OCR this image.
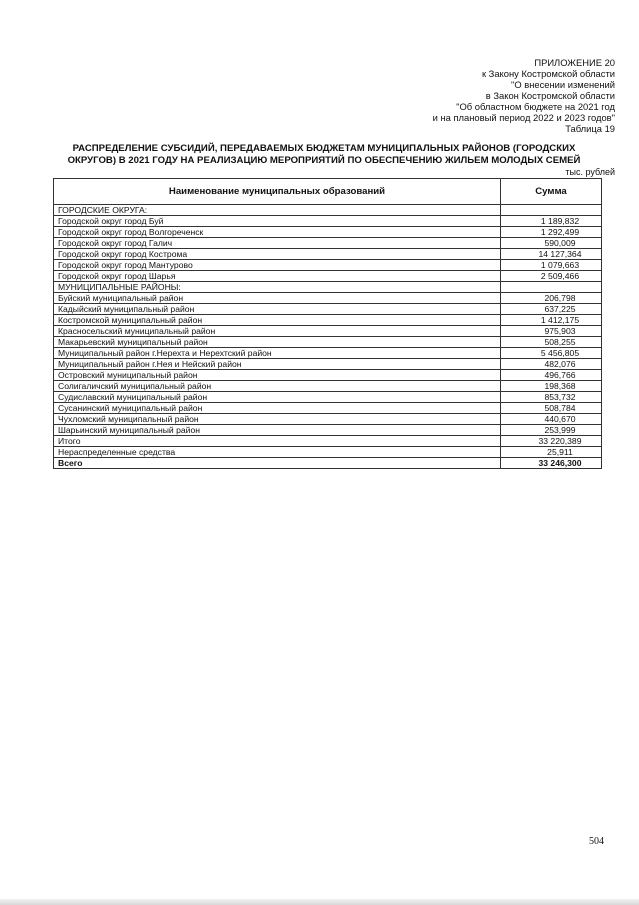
ПРИЛОЖЕНИЕ 20
к Закону Костромской области
"О внесении изменений
в Закон Костромской области
"Об областном бюджете на 2021 год
и на плановый период 2022 и 2023 годов"
Таблица 19
РАСПРЕДЕЛЕНИЕ СУБСИДИЙ, ПЕРЕДАВАЕМЫХ БЮДЖЕТАМ МУНИЦИПАЛЬНЫХ РАЙОНОВ (ГОРОДСКИХ
ОКРУГОВ) В 2021 ГОДУ НА РЕАЛИЗАЦИЮ МЕРОПРИЯТИЙ ПО ОБЕСПЕЧЕНИЮ ЖИЛЬЕМ МОЛОДЫХ СЕМЕЙ
тыс. рублей
Наименование муниципальных образований	Сумма
ГОРОДСКИЕ ОКРУГА:	
Городской округ город Буй	1 189,832
Городской округ город Волгореченск	1 292,499
Городской округ город Галич	590,009
Городской округ город Кострома	14 127,364
Городской округ город Мантурово	1 079,663
Городской округ город Шарья	2 509,466
МУНИЦИПАЛЬНЫЕ РАЙОНЫ:	
Буйский муниципальный район	206,798
Кадыйский муниципальный район	637,225
Костромской муниципальный район	1 412,175
Красносельский муниципальный район	975,903
Макарьевский муниципальный район	508,255
Муниципальный район г.Нерехта и Нерехтский район	5 456,805
Муниципальный район г.Нея и Нейский район	482,076
Островский муниципальный район	496,766
Солигаличский муниципальный район	198,368
Судиславский муниципальный район	853,732
Сусанинский муниципальный район	508,784
Чухломский муниципальный район	440,670
Шарьинский муниципальный район	253,999
Итого	33 220,389
Нераспределенные средства	25,911
Всего	33 246,300
504
